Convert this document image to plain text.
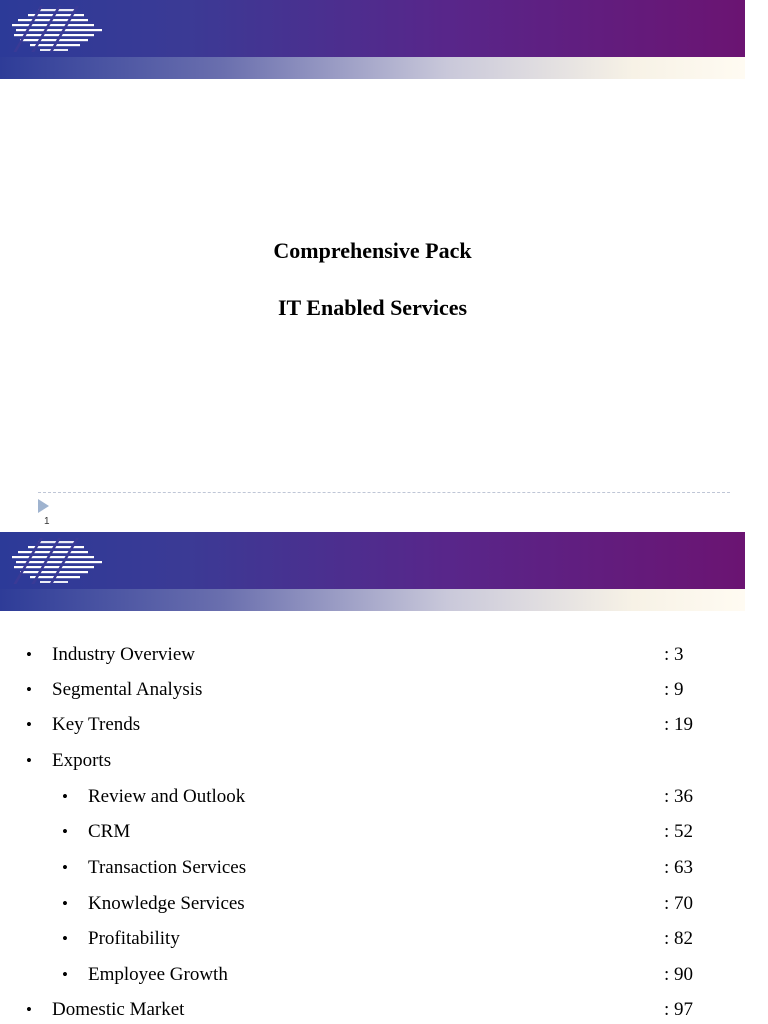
Comprehensive Pack
IT Enabled Services
1
• Industry Overview	: 3
• Segmental Analysis	: 9
• Key Trends	: 19
• Exports
• Review and Outlook	: 36
• CRM	: 52
• Transaction Services	: 63
• Knowledge Services	: 70
• Profitability	: 82
• Employee Growth	: 90
• Domestic Market	: 97
